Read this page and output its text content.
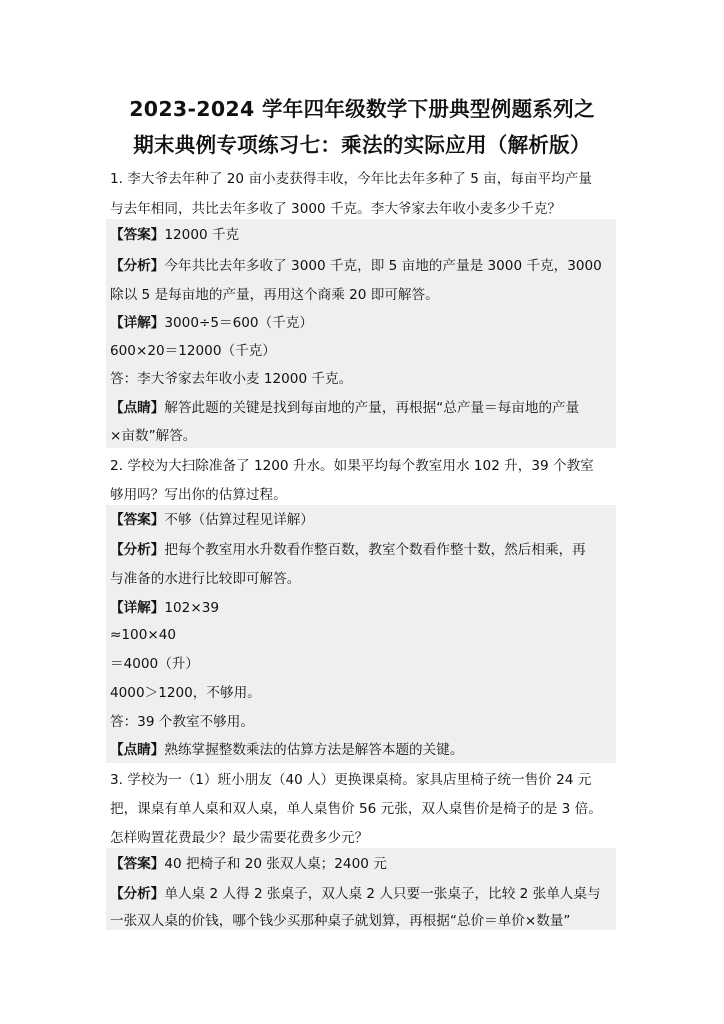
2023-2024 学年四年级数学下册典型例题系列之
期末典例专项练习七：乘法的实际应用（解析版）
1. 李大爷去年种了 20 亩小麦获得丰收，今年比去年多种了 5 亩，每亩平均产量
与去年相同，共比去年多收了 3000 千克。李大爷家去年收小麦多少千克？
【答案】12000 千克
【分析】今年共比去年多收了 3000 千克，即 5 亩地的产量是 3000 千克，3000
除以 5 是每亩地的产量，再用这个商乘 20 即可解答。
【详解】3000÷5＝600（千克）
600×20＝12000（千克）
答：李大爷家去年收小麦 12000 千克。
【点睛】解答此题的关键是找到每亩地的产量，再根据“总产量＝每亩地的产量
×亩数”解答。
2. 学校为大扫除准备了 1200 升水。如果平均每个教室用水 102 升，39 个教室
够用吗？写出你的估算过程。
【答案】不够（估算过程见详解）
【分析】把每个教室用水升数看作整百数，教室个数看作整十数，然后相乘，再
与准备的水进行比较即可解答。
【详解】102×39
≈100×40
＝4000（升）
4000＞1200，不够用。
答：39 个教室不够用。
【点睛】熟练掌握整数乘法的估算方法是解答本题的关键。
3. 学校为一（1）班小朋友（40 人）更换课桌椅。家具店里椅子统一售价 24 元
把，课桌有单人桌和双人桌，单人桌售价 56 元张，双人桌售价是椅子的是 3 倍。
怎样购置花费最少？最少需要花费多少元？
【答案】40 把椅子和 20 张双人桌；2400 元
【分析】单人桌 2 人得 2 张桌子，双人桌 2 人只要一张桌子，比较 2 张单人桌与
一张双人桌的价钱，哪个钱少买那种桌子就划算，再根据“总价＝单价×数量”
